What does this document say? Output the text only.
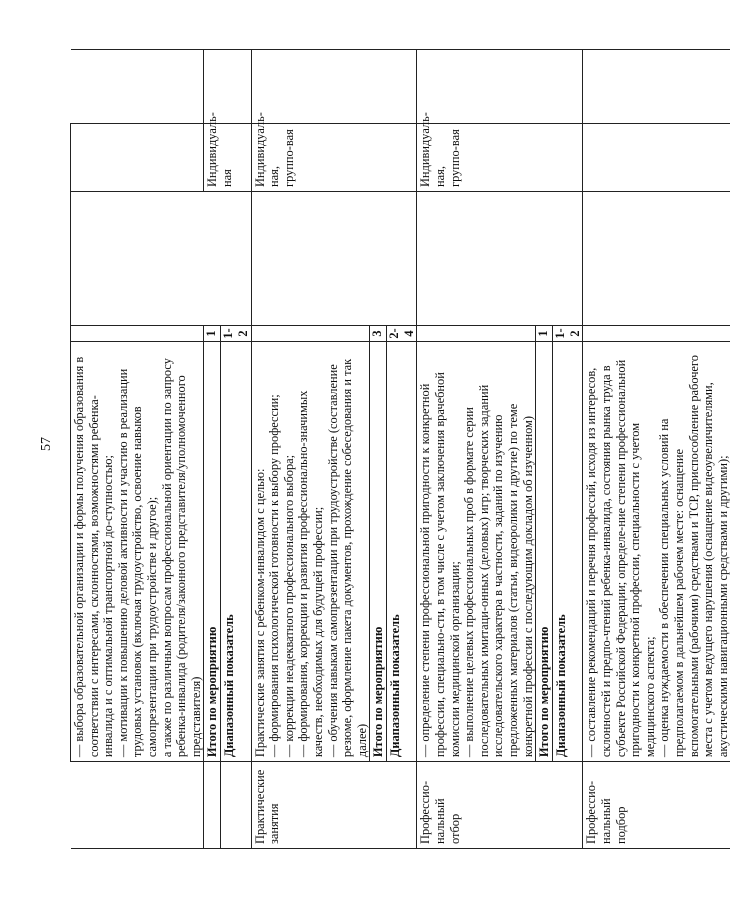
57

	— выбора образовательной организации и формы получения образования в соответствии с интересами, склонностями, возможностями ребенка-инвалида и с оптимальной транспортной до-ступностью; — мотивации к повышению деловой активности и участию в реализации трудовых установок (включая трудоустройство, освоение навыков самопрезентации при трудоустройстве и другое); а также по различным вопросам профессиональной ориентации по запросу ребенка-инвалида (родителя/законного представителя/уполномоченного представителя)				

	Итого по мероприятию	1		Индивидуаль-ная	
	Диапазонный показатель	1-2			
Практические занятия	Практические занятия с ребенком-инвалидом с целью: — формирования психологической готовности к выбору профессии; — коррекции неадекватного профессионального выбора; — формирования, коррекции и развития профессионально-значимых качеств, необходимых для будущей профессии; — обучения навыкам самопрезентации при трудоустройстве (составление резюме, оформление пакета документов, прохождение собеседования и так далее)			Индивидуаль-ная, группо-вая	
	Итого по мероприятию	3			
	Диапазонный показатель	2-4			
Професcио-нальный отбор	— определение степени профессиональной пригодности к конкретной профессии, специально-сти, в том числе с учетом заключения врачебной комиссии медицинской организации; — выполнение целевых профессиональных проб в формате серии последовательных имитаци-онных (деловых) игр; творческих заданий исследовательского характера в частности, заданий по изучению предложенных материалов (статьи, видеоролики и другие) по теме конкретной профессии с последующим докладом об изученном)			Индивидуаль-ная, группо-вая	
	Итого по мероприятию	1			
	Диапазонный показатель	1-2			
Професcио-нальный подбор	— составление рекомендаций и перечня профессий, исходя из интересов, склонностей и предпо-чтений ребенка-инвалида, состояния рынка труда в субъекте Российской Федерации; определе-ние степени профессиональной пригодности к конкретной профессии, специальности с учетом медицинского аспекта; — оценка нуждаемости в обеспечении специальных условий на предполагаемом в дальнейшем рабочем месте: оснащение вспомогательными (рабочими) средствами и ТСР, приспособление рабочего места с учетом ведущего нарушения (оснащение видеоувеличителями, акустическими навигационными средствами и другими);				
